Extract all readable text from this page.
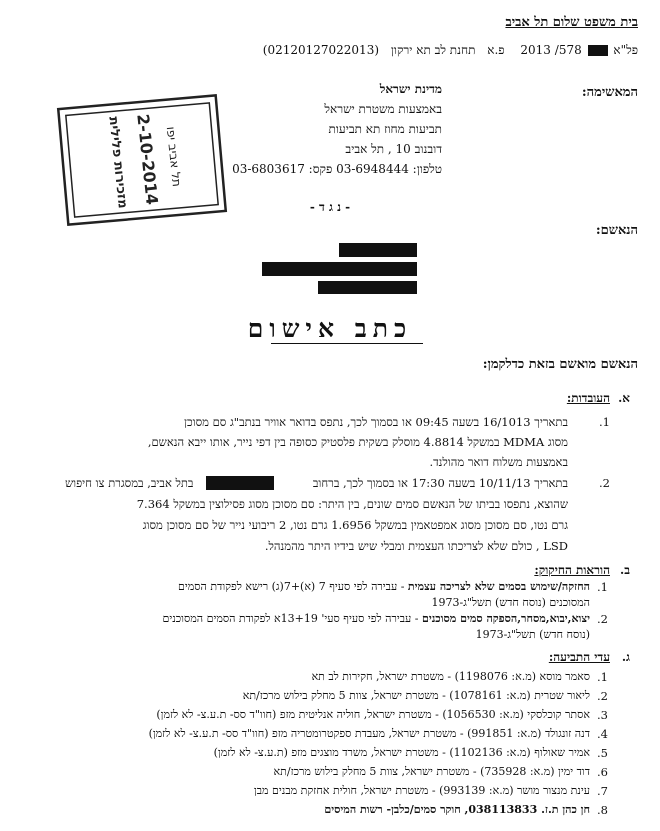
בית משפט שלום תל אביב
פל"א  578/ 2013 פ.א תחנת לב תא ירקון (02120127022013)
המאשימה:
מדינת ישראל
באמצעות משטרת ישראל
תביעות מחוז תא תביעות
דובנוב 10 , תל אביב
טלפון: 03-6948444 פקס: 03-6803617
תל אביב יפו
2-10-2014
מזכירות פלילית	- נ ג ד -
הנאשם:
כתב אישום
הנאשם מואשם בזאת כדלקמן:
א.
העובדות:
1.
בתאריך 16/1013 בשעה 09:45 או בסמוך לכך, נתפס בדואר אוויר בנתב"ג סם מסוכן
מסוג MDMA במשקל 4.8814 מוסלק בשקית פלסטיק כסופה בין דפי נייר, אותו ייבא הנאשם,
באמצעות משלוח דואר מהולנד.
2.
בתאריך 10/11/13 בשעה 17:30 או בסמוך לכך, ברחוב
בתל אביב, במסגרת צו חיפוש
שהוצא, נתפסו בביתו של הנאשם סמים שונים, בין היתר: סם מסוכן מסוג פסילוצין במשקל 7.364
גרם נטו, סם מסוכן מסוג אמפטאמין במשקל 1.6956 גרם נטו, 2 ריבועי נייר של סם מסוכן מסוג
LSD , כולם שלא לצריכתו העצמית ומבלי שיש בידיו היתר מהמנהל.
ב.
הוראות החיקוק:
1.
החזקה/שימוש בסמים שלא לצריכה עצמית - עבירה לפי סעיף 7 (א)+7(ג) רישא לפקודת הסמים
המסוכנים (נוסח חדש) תשל"ג-1973
2.
יצוא,יבוא,מסחר,הספקה סמים מסוכנים - עבירה לפי סעיף סעי' 13+19א לפקודת הסמים המסוכנים
(נוסח חדש) תשל"ג-1973
ג.
עדי התביעה:
1.
סאמר מוסא (מ.א: 1198076) - משטרת ישראל, חקירות לב תא
2.
ליאור שטרית (מ.א: 1078161) - משטרת ישראל, צוות 5 מחלק בילוש מרכז/תא
3.
אסתר קוכלסקי (מ.א: 1056530) - משטרת ישראל, חוליה אנליטית מזפ (חוו"ד סס- ת.ע.צ- לא לזמן)
4.
דנה זונגולד (מ.א: 991851) - משטרת ישראל, מעבדת ספקטרומטריה מזפ (חוו"ד סס- ת.ע.צ- לא לזמן)
5.
אמיר שאולוף (מ.א: 1102136) - משטרת ישראל, משרד מוצגים מזפ (ת.ע.צ- לא לזמן)
6.
דוד ימין (מ.א: 735928) - משטרת ישראל, צוות 5 מחלק בילוש מרכז/תא
7.
עינת מנצור מושר (מ.א: 993139) - משטרת ישראל, חולית אחזקת מבנים מבן
8.
חן כהן ת.ז. 038113833, חוקר סמים/כלבן- רשות המיסים
